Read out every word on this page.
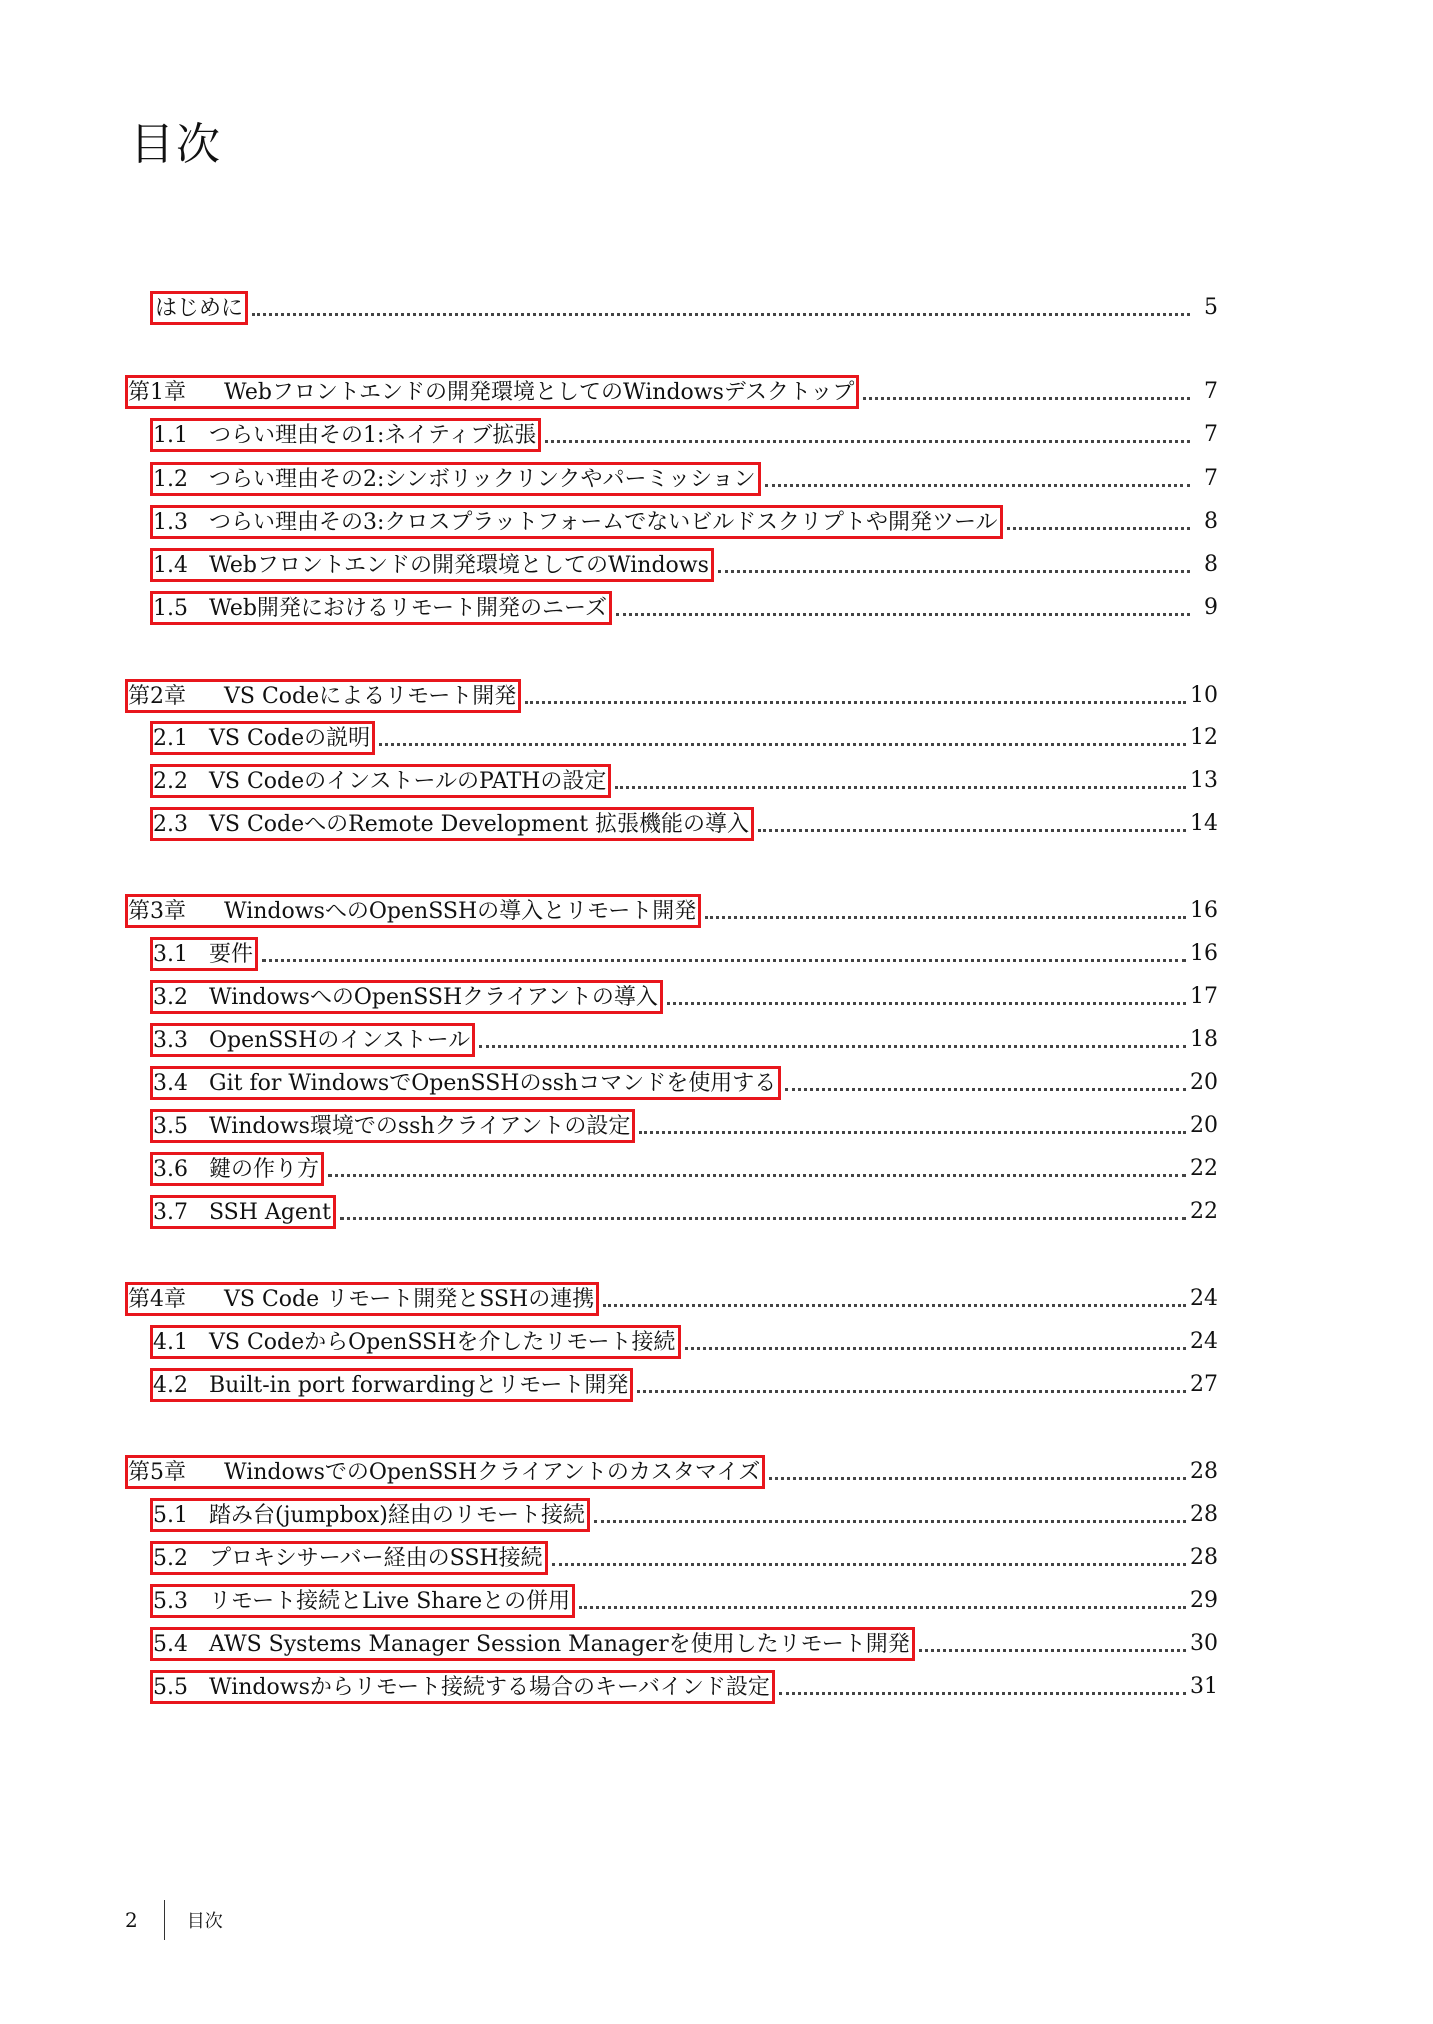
目次
はじめに	5
第1章	Webフロントエンドの開発環境としてのWindowsデスクトップ	7
1.1 つらい理由その1:ネイティブ拡張	7
1.2 つらい理由その2:シンボリックリンクやパーミッション	7
1.3 つらい理由その3:クロスプラットフォームでないビルドスクリプトや開発ツール	8
1.4 Webフロントエンドの開発環境としてのWindows	8
1.5 Web開発におけるリモート開発のニーズ	9
第2章	VS Codeによるリモート開発	10
2.1 VS Codeの説明	12
2.2 VS CodeのインストールのPATHの設定	13
2.3 VS CodeへのRemote Development 拡張機能の導入	14
第3章	WindowsへのOpenSSHの導入とリモート開発	16
3.1 要件	16
3.2 WindowsへのOpenSSHクライアントの導入	17
3.3 OpenSSHのインストール	18
3.4 Git for WindowsでOpenSSHのsshコマンドを使用する	20
3.5 Windows環境でのsshクライアントの設定	20
3.6 鍵の作り方	22
3.7 SSH Agent	22
第4章	VS Code リモート開発とSSHの連携	24
4.1 VS CodeからOpenSSHを介したリモート接続	24
4.2 Built-in port forwardingとリモート開発	27
第5章	WindowsでのOpenSSHクライアントのカスタマイズ	28
5.1 踏み台(jumpbox)経由のリモート接続	28
5.2 プロキシサーバー経由のSSH接続	28
5.3 リモート接続とLive Shareとの併用	29
5.4 AWS Systems Manager Session Managerを使用したリモート開発	30
5.5 Windowsからリモート接続する場合のキーバインド設定	31
2	目次
